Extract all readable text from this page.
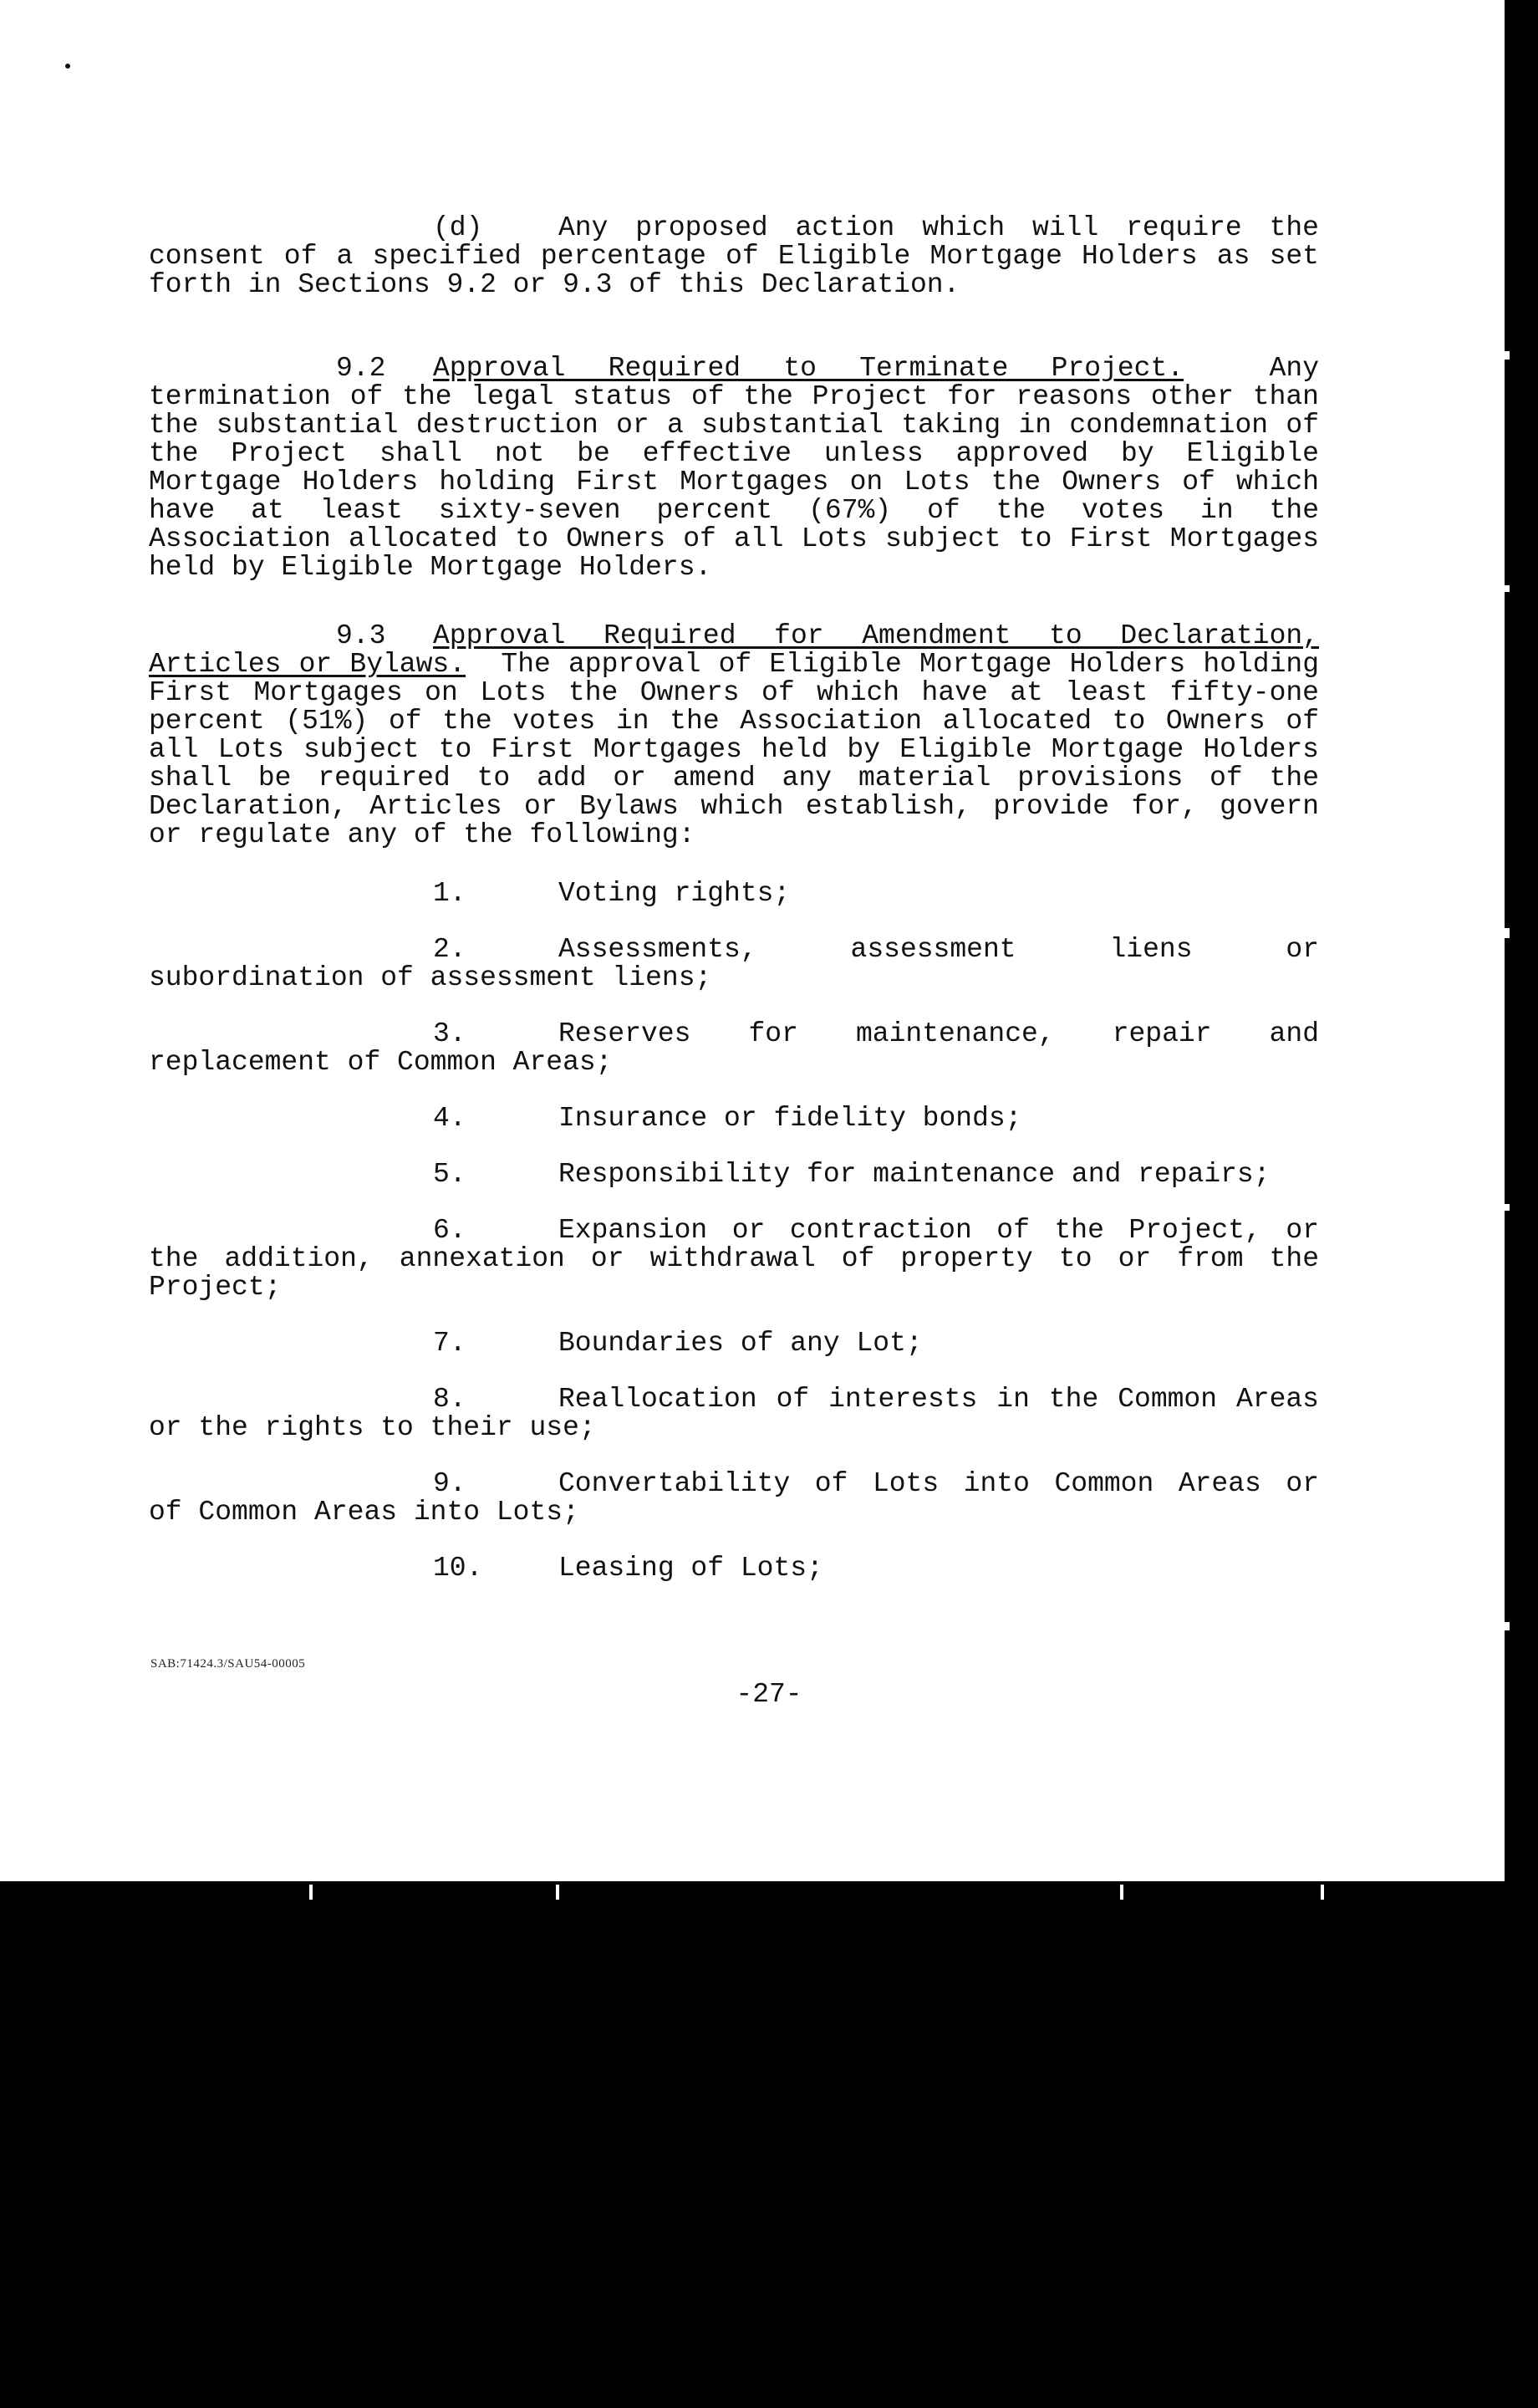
(d)	Any proposed action which will require the consent of a specified percentage of Eligible Mortgage Holders as set forth in Sections 9.2 or 9.3 of this Declaration.

9.2 Approval Required to Terminate Project.	Any termination of the legal status of the Project for reasons other than the substantial destruction or a substantial taking in condemnation of the Project shall not be effective unless approved by Eligible Mortgage Holders holding First Mortgages on Lots the Owners of which have at least sixty-seven percent (67%) of the votes in the Association allocated to Owners of all Lots subject to First Mortgages held by Eligible Mortgage Holders.

9.3 Approval Required for Amendment to Declaration, Articles or Bylaws. The approval of Eligible Mortgage Holders holding First Mortgages on Lots the Owners of which have at least fifty-one percent (51%) of the votes in the Association allocated to Owners of all Lots subject to First Mortgages held by Eligible Mortgage Holders shall be required to add or amend any material provisions of the Declaration, Articles or Bylaws which establish, provide for, govern or regulate any of the following:

1.	Voting rights;

2.	Assessments, assessment liens or subordination of assessment liens;

3.	Reserves for maintenance, repair and replacement of Common Areas;

4.	Insurance or fidelity bonds;

5.	Responsibility for maintenance and repairs;

6.	Expansion or contraction of the Project, or the addition, annexation or withdrawal of property to or from the Project;

7.	Boundaries of any Lot;

8.	Reallocation of interests in the Common Areas or the rights to their use;

9.	Convertability of Lots into Common Areas or of Common Areas into Lots;

10.	Leasing of Lots;

SAB:71424.3/SAU54-00005
-27-
